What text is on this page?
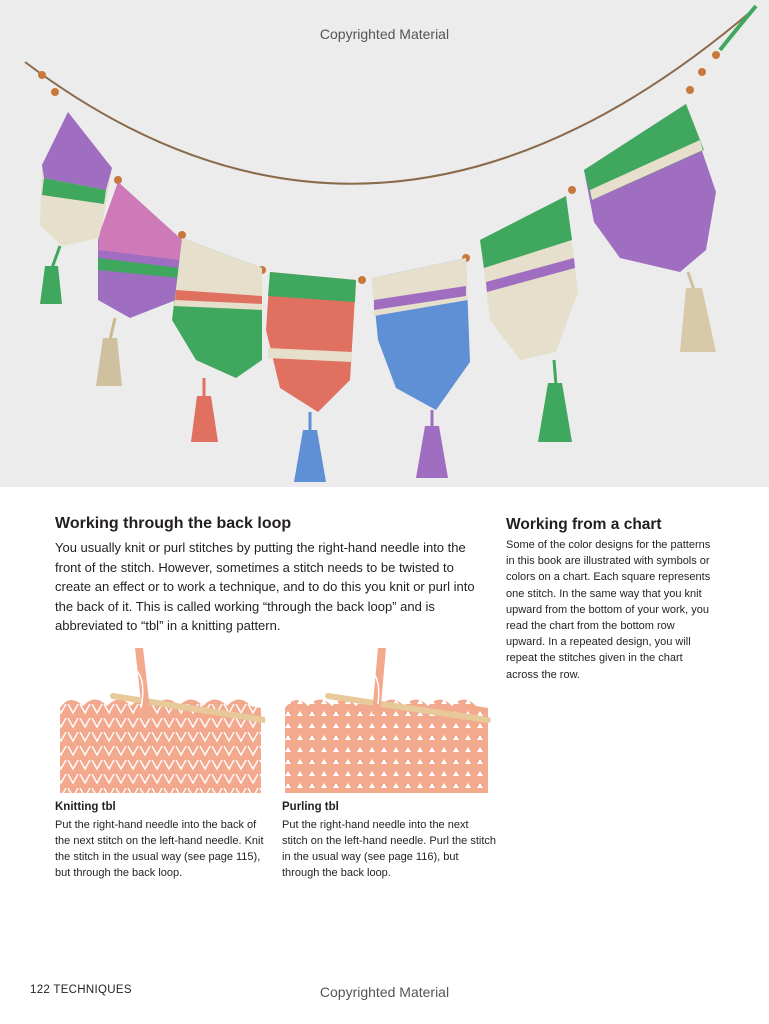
Copyrighted Material
Working through the back loop
You usually knit or purl stitches by putting the right-hand needle into the front of the stitch. However, sometimes a stitch needs to be twisted to create an effect or to work a technique, and to do this you knit or purl into the back of it. This is called working “through the back loop” and is abbreviated to “tbl” in a knitting pattern.
Working from a chart
Some of the color designs for the patterns in this book are illustrated with symbols or colors on a chart. Each square represents one stitch. In the same way that you knit upward from the bottom of your work, you read the chart from the bottom row upward. In a repeated design, you will repeat the stitches given in the chart across the row.
Knitting tbl
Put the right-hand needle into the back of the next stitch on the left-hand needle. Knit the stitch in the usual way (see page 115), but through the back loop.
Purling tbl
Put the right-hand needle into the next stitch on the left-hand needle. Purl the stitch in the usual way (see page 116), but through the back loop.
122 TECHNIQUES	Copyrighted Material
